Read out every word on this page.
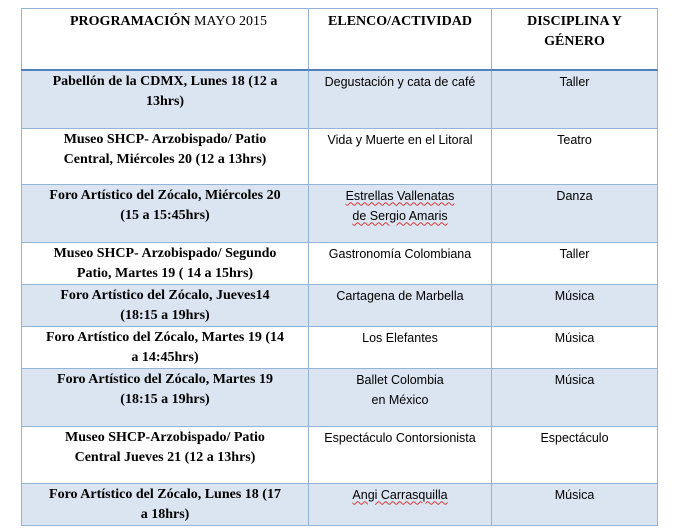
PROGRAMACIÓN MAYO 2015	ELENCO/ACTIVIDAD	DISCIPLINA Y
GÉNERO
Pabellón de la CDMX, Lunes 18 (12 a
13hrs)	Degustación y cata de café	Taller
Museo SHCP- Arzobispado/ Patio
Central, Miércoles 20 (12 a 13hrs)	Vida y Muerte en el Litoral	Teatro
Foro Artístico del Zócalo, Miércoles 20
(15 a 15:45hrs)	Estrellas Vallenatas
de Sergio Amaris	Danza
Museo SHCP- Arzobispado/ Segundo
Patio, Martes 19 ( 14 a 15hrs)	Gastronomía Colombiana	Taller
Foro Artístico del Zócalo, Jueves14
(18:15 a 19hrs)	Cartagena de Marbella	Música
Foro Artístico del Zócalo, Martes 19 (14
a 14:45hrs)	Los Elefantes	Música
Foro Artístico del Zócalo, Martes 19
(18:15 a 19hrs)	Ballet Colombia
en México	Música
Museo SHCP-Arzobispado/ Patio
Central Jueves 21 (12 a 13hrs)	Espectáculo Contorsionista	Espectáculo
Foro Artístico del Zócalo, Lunes 18 (17
a 18hrs)	Angi Carrasquilla	Música
